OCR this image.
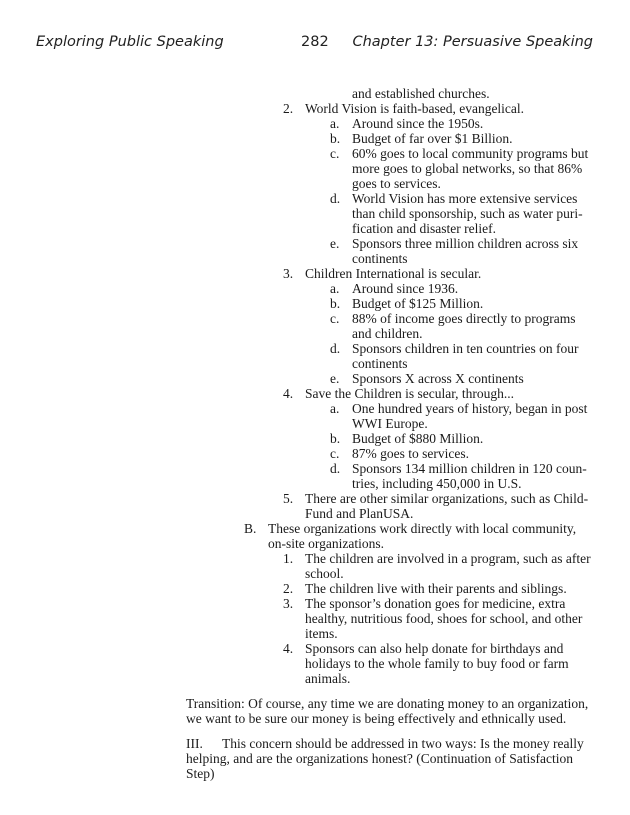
Exploring Public Speaking	282 Chapter 13: Persuasive Speaking
and established churches.
2. World Vision is faith-based, evangelical.
a. Around since the 1950s.
b. Budget of far over $1 Billion.
c. 60% goes to local community programs but
more goes to global networks, so that 86%
goes to services.
d. World Vision has more extensive services
than child sponsorship, such as water puri-
fication and disaster relief.
e. Sponsors three million children across six
continents
3. Children International is secular.
a. Around since 1936.
b. Budget of $125 Million.
c. 88% of income goes directly to programs
and children.
d. Sponsors children in ten countries on four
continents
e. Sponsors X across X continents
4. Save the Children is secular, through...
a. One hundred years of history, began in post
WWI Europe.
b. Budget of $880 Million.
c. 87% goes to services.
d. Sponsors 134 million children in 120 coun-
tries, including 450,000 in U.S.
5. There are other similar organizations, such as Child-
Fund and PlanUSA.
B. These organizations work directly with local community,
on-site organizations.
1. The children are involved in a program, such as after
school.
2. The children live with their parents and siblings.
3. The sponsor’s donation goes for medicine, extra
healthy, nutritious food, shoes for school, and other
items.
4. Sponsors can also help donate for birthdays and
holidays to the whole family to buy food or farm
animals.
Transition: Of course, any time we are donating money to an organization,
we want to be sure our money is being effectively and ethnically used.
III. This concern should be addressed in two ways: Is the money really
helping, and are the organizations honest? (Continuation of Satisfaction
Step)
